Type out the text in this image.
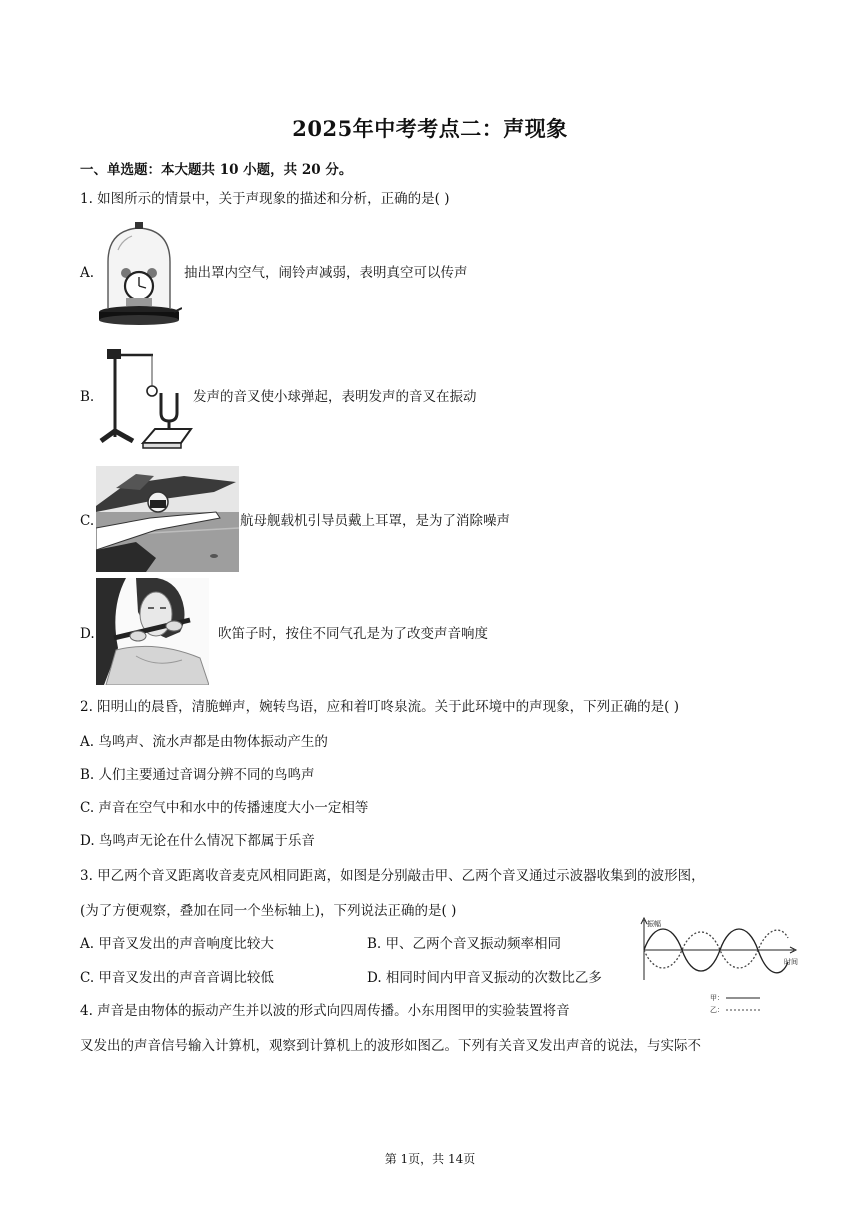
2025年中考考点二：声现象
一、单选题：本大题共 10 小题，共 20 分。
1. 如图所示的情景中，关于声现象的描述和分析，正确的是( )
A.	抽出罩内空气，闹铃声减弱，表明真空可以传声
B.	发声的音叉使小球弹起，表明发声的音叉在振动
C.	航母舰载机引导员戴上耳罩，是为了消除噪声
D.	吹笛子时，按住不同气孔是为了改变声音响度
2. 阳明山的晨昏，清脆蝉声，婉转鸟语，应和着叮咚泉流。关于此环境中的声现象，下列正确的是( )
A. 鸟鸣声、流水声都是由物体振动产生的
B. 人们主要通过音调分辨不同的鸟鸣声
C. 声音在空气中和水中的传播速度大小一定相等
D. 鸟鸣声无论在什么情况下都属于乐音
3. 甲乙两个音叉距离收音麦克风相同距离，如图是分别敲击甲、乙两个音叉通过示波器收集到的波形图，
(为了方便观察，叠加在同一个坐标轴上)，下列说法正确的是( )
A. 甲音叉发出的声音响度比较大	B. 甲、乙两个音叉振动频率相同
C. 甲音叉发出的声音音调比较低	D. 相同时间内甲音叉振动的次数比乙多
振幅
时间
甲：
乙：
4. 声音是由物体的振动产生并以波的形式向四周传播。小东用图甲的实验装置将音
叉发出的声音信号输入计算机，观察到计算机上的波形如图乙。下列有关音叉发出声音的说法，与实际不
第 1页，共 14页
